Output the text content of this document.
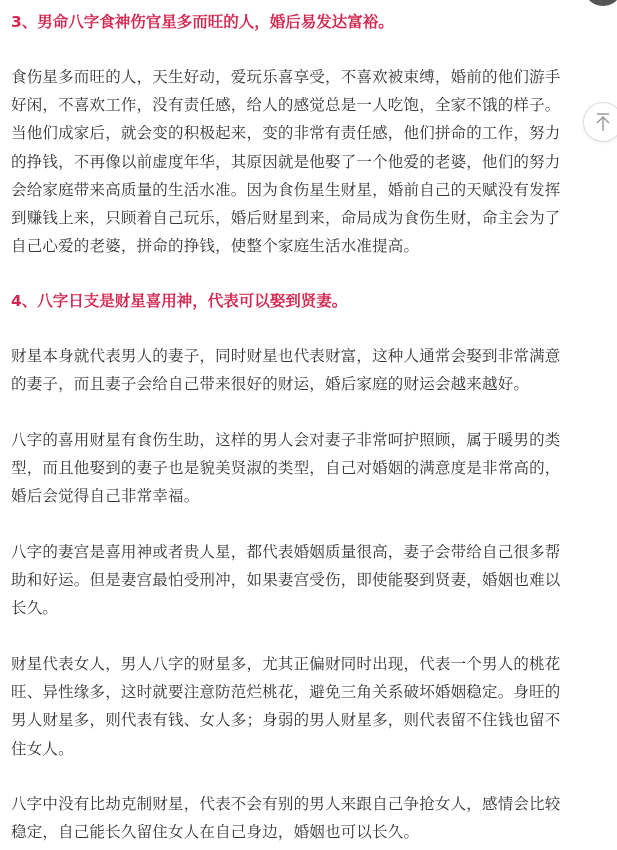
3、男命八字食神伤官星多而旺的人，婚后易发达富裕。

食伤星多而旺的人，天生好动，爱玩乐喜享受，不喜欢被束缚，婚前的他们游手
好闲，不喜欢工作，没有责任感，给人的感觉总是一人吃饱，全家不饿的样子。
当他们成家后，就会变的积极起来，变的非常有责任感，他们拼命的工作，努力
的挣钱，不再像以前虚度年华，其原因就是他娶了一个他爱的老婆，他们的努力
会给家庭带来高质量的生活水准。因为食伤星生财星，婚前自己的天赋没有发挥
到赚钱上来，只顾着自己玩乐，婚后财星到来，命局成为食伤生财，命主会为了
自己心爱的老婆，拼命的挣钱，使整个家庭生活水准提高。

4、八字日支是财星喜用神，代表可以娶到贤妻。

财星本身就代表男人的妻子，同时财星也代表财富，这种人通常会娶到非常满意
的妻子，而且妻子会给自己带来很好的财运，婚后家庭的财运会越来越好。

八字的喜用财星有食伤生助，这样的男人会对妻子非常呵护照顾，属于暖男的类
型，而且他娶到的妻子也是貌美贤淑的类型，自己对婚姻的满意度是非常高的，
婚后会觉得自己非常幸福。

八字的妻宫是喜用神或者贵人星，都代表婚姻质量很高，妻子会带给自己很多帮
助和好运。但是妻宫最怕受刑冲，如果妻宫受伤，即使能娶到贤妻，婚姻也难以
长久。

财星代表女人，男人八字的财星多，尤其正偏财同时出现，代表一个男人的桃花
旺、异性缘多，这时就要注意防范烂桃花，避免三角关系破坏婚姻稳定。身旺的
男人财星多，则代表有钱、女人多；身弱的男人财星多，则代表留不住钱也留不
住女人。

八字中没有比劫克制财星，代表不会有别的男人来跟自己争抢女人，感情会比较
稳定，自己能长久留住女人在自己身边，婚姻也可以长久。
